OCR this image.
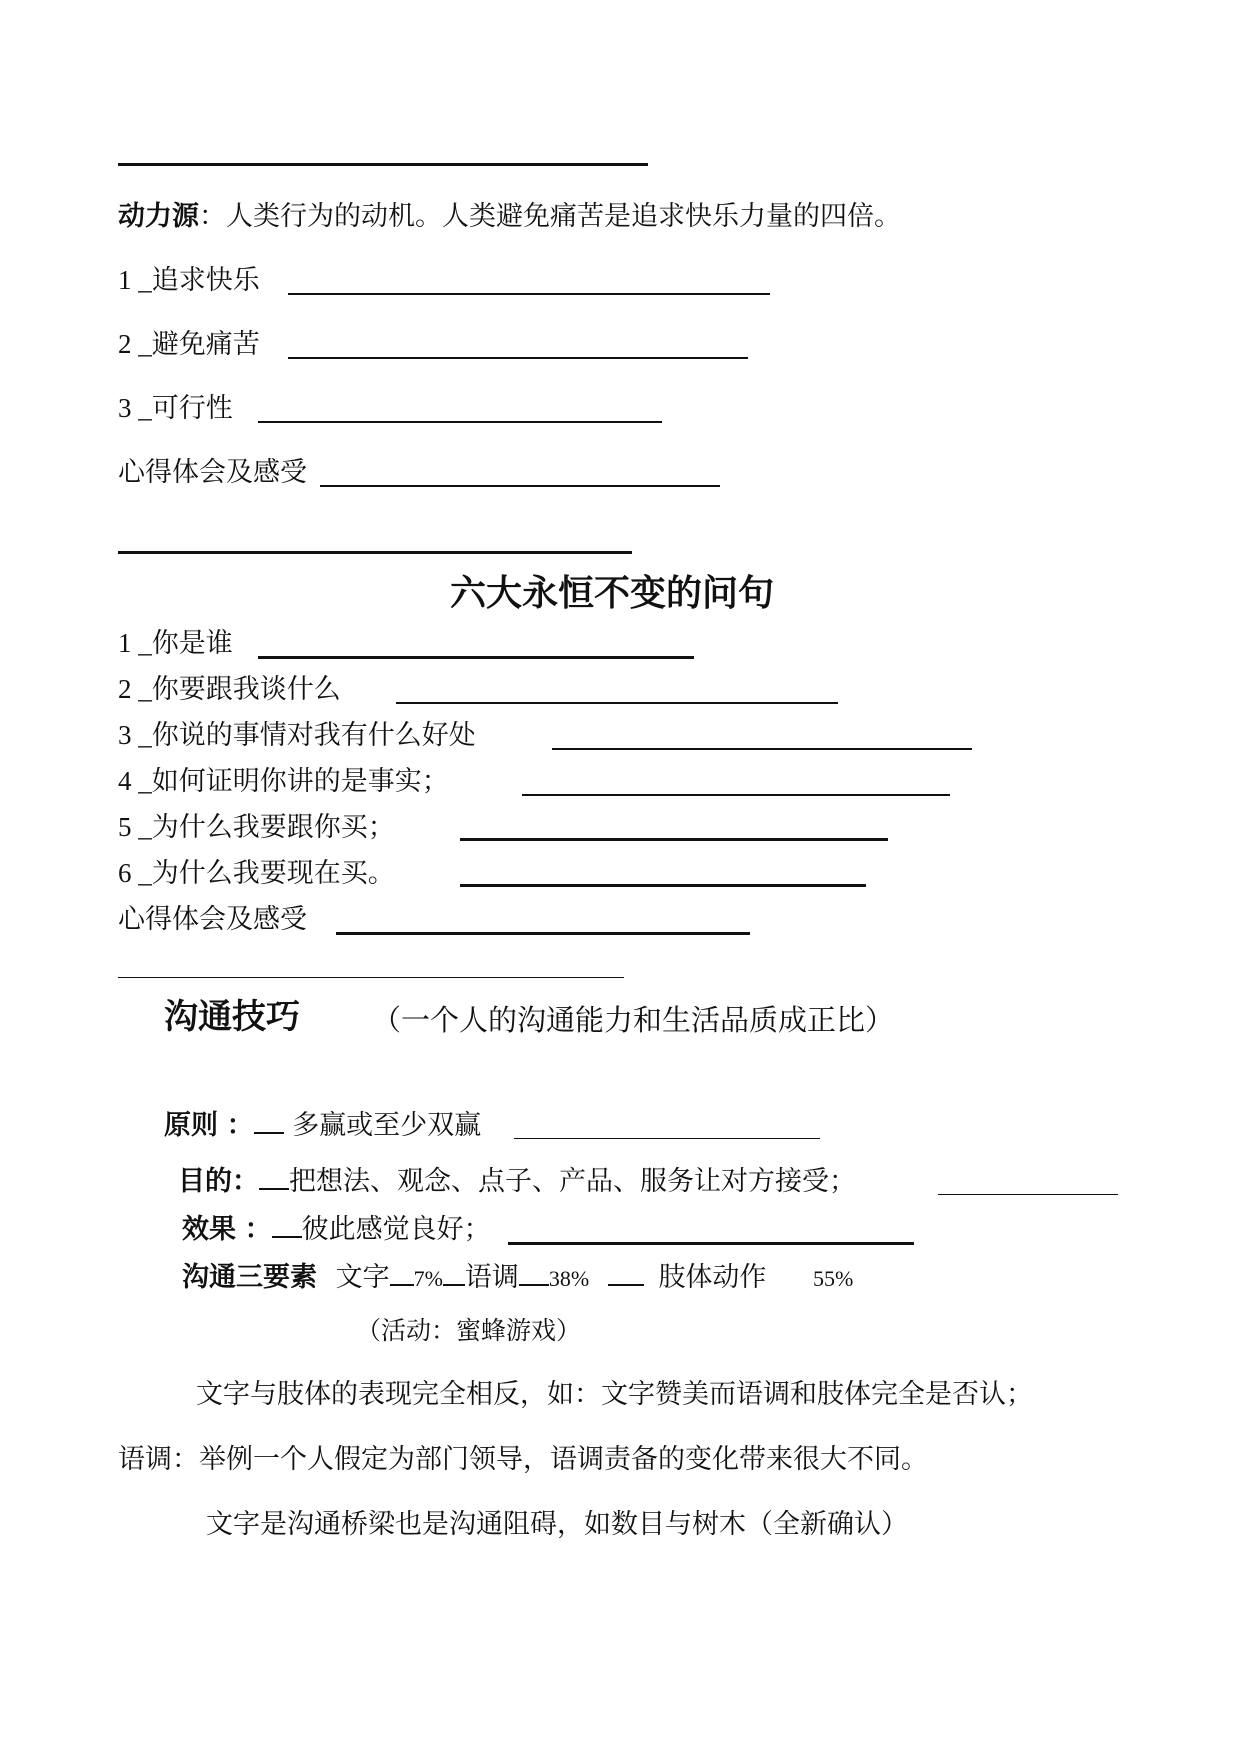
动力源：人类行为的动机。人类避免痛苦是追求快乐力量的四倍。
1 _追求快乐
2 _避免痛苦
3 _可行性
心得体会及感受
六大永恒不变的问句
1 _你是谁
2 _你要跟我谈什么
3 _你说的事情对我有什么好处
4 _如何证明你讲的是事实；
5 _为什么我要跟你买；
6 _为什么我要现在买。
心得体会及感受
沟通技巧 （一个人的沟通能力和生活品质成正比）
原则 ： 多赢或至少双赢
目的： 把想法、观念、点子、产品、服务让对方接受；
效果 ： 彼此感觉良好；
沟通三要素 文字 7% 语调 38%	肢体动作 55%
（活动：蜜蜂游戏）
文字与肢体的表现完全相反，如：文字赞美而语调和肢体完全是否认；
语调：举例一个人假定为部门领导，语调责备的变化带来很大不同。
文字是沟通桥梁也是沟通阻碍，如数目与树木（全新确认）
